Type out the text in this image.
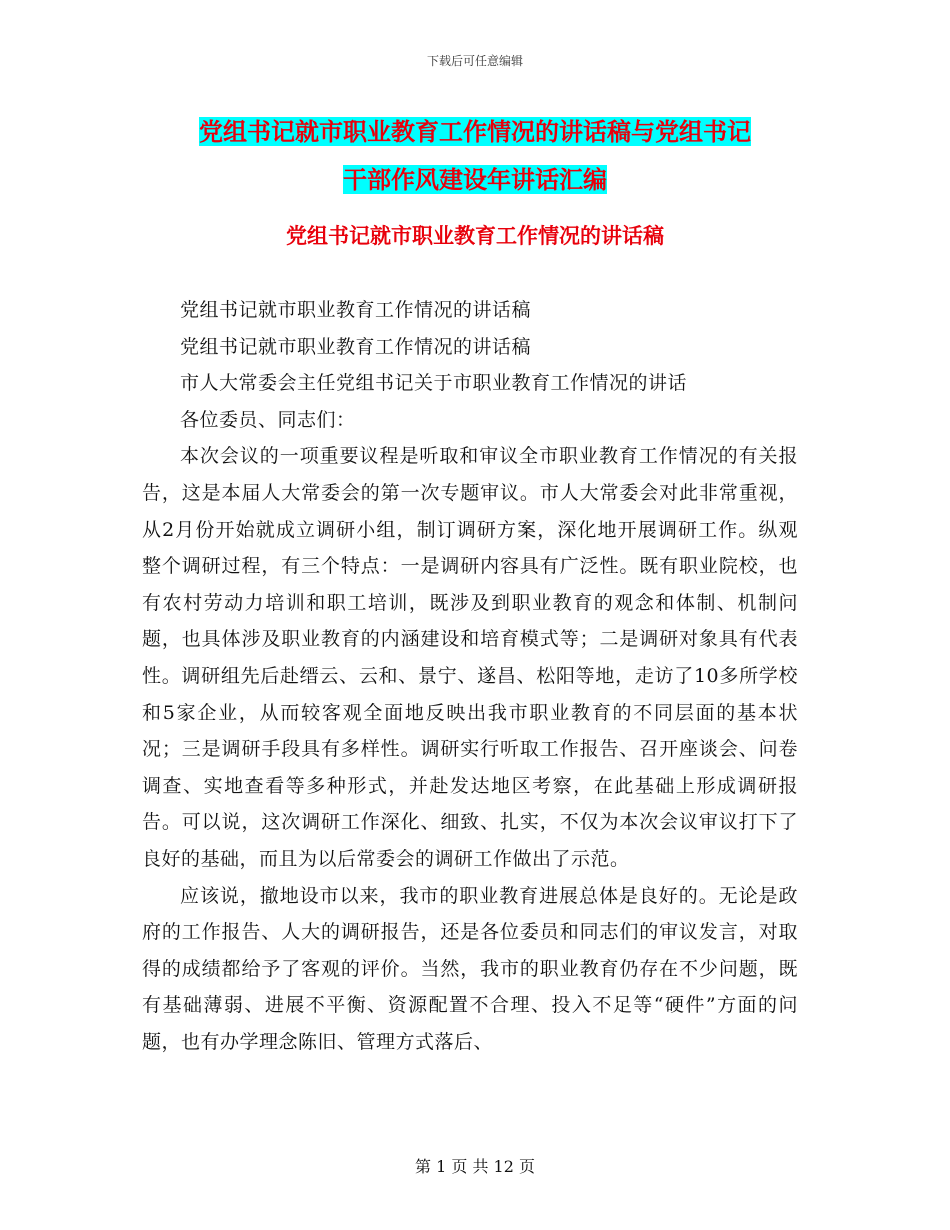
下载后可任意编辑
党组书记就市职业教育工作情况的讲话稿与党组书记
干部作风建设年讲话汇编
党组书记就市职业教育工作情况的讲话稿

党组书记就市职业教育工作情况的讲话稿

党组书记就市职业教育工作情况的讲话稿

市人大常委会主任党组书记关于市职业教育工作情况的讲话

各位委员、同志们：

本次会议的一项重要议程是听取和审议全市职业教育工作情况的有关报告，这是本届人大常委会的第一次专题审议。市人大常委会对此非常重视，从2月份开始就成立调研小组，制订调研方案，深化地开展调研工作。纵观整个调研过程，有三个特点：一是调研内容具有广泛性。既有职业院校，也有农村劳动力培训和职工培训，既涉及到职业教育的观念和体制、机制问题，也具体涉及职业教育的内涵建设和培育模式等；二是调研对象具有代表性。调研组先后赴缙云、云和、景宁、遂昌、松阳等地，走访了10多所学校和5家企业，从而较客观全面地反映出我市职业教育的不同层面的基本状况；三是调研手段具有多样性。调研实行听取工作报告、召开座谈会、问卷调查、实地查看等多种形式，并赴发达地区考察，在此基础上形成调研报告。可以说，这次调研工作深化、细致、扎实，不仅为本次会议审议打下了良好的基础，而且为以后常委会的调研工作做出了示范。

应该说，撤地设市以来，我市的职业教育进展总体是良好的。无论是政府的工作报告、人大的调研报告，还是各位委员和同志们的审议发言，对取得的成绩都给予了客观的评价。当然，我市的职业教育仍存在不少问题，既有基础薄弱、进展不平衡、资源配置不合理、投入不足等“硬件”方面的问题，也有办学理念陈旧、管理方式落后、

第 1 页 共 12 页
